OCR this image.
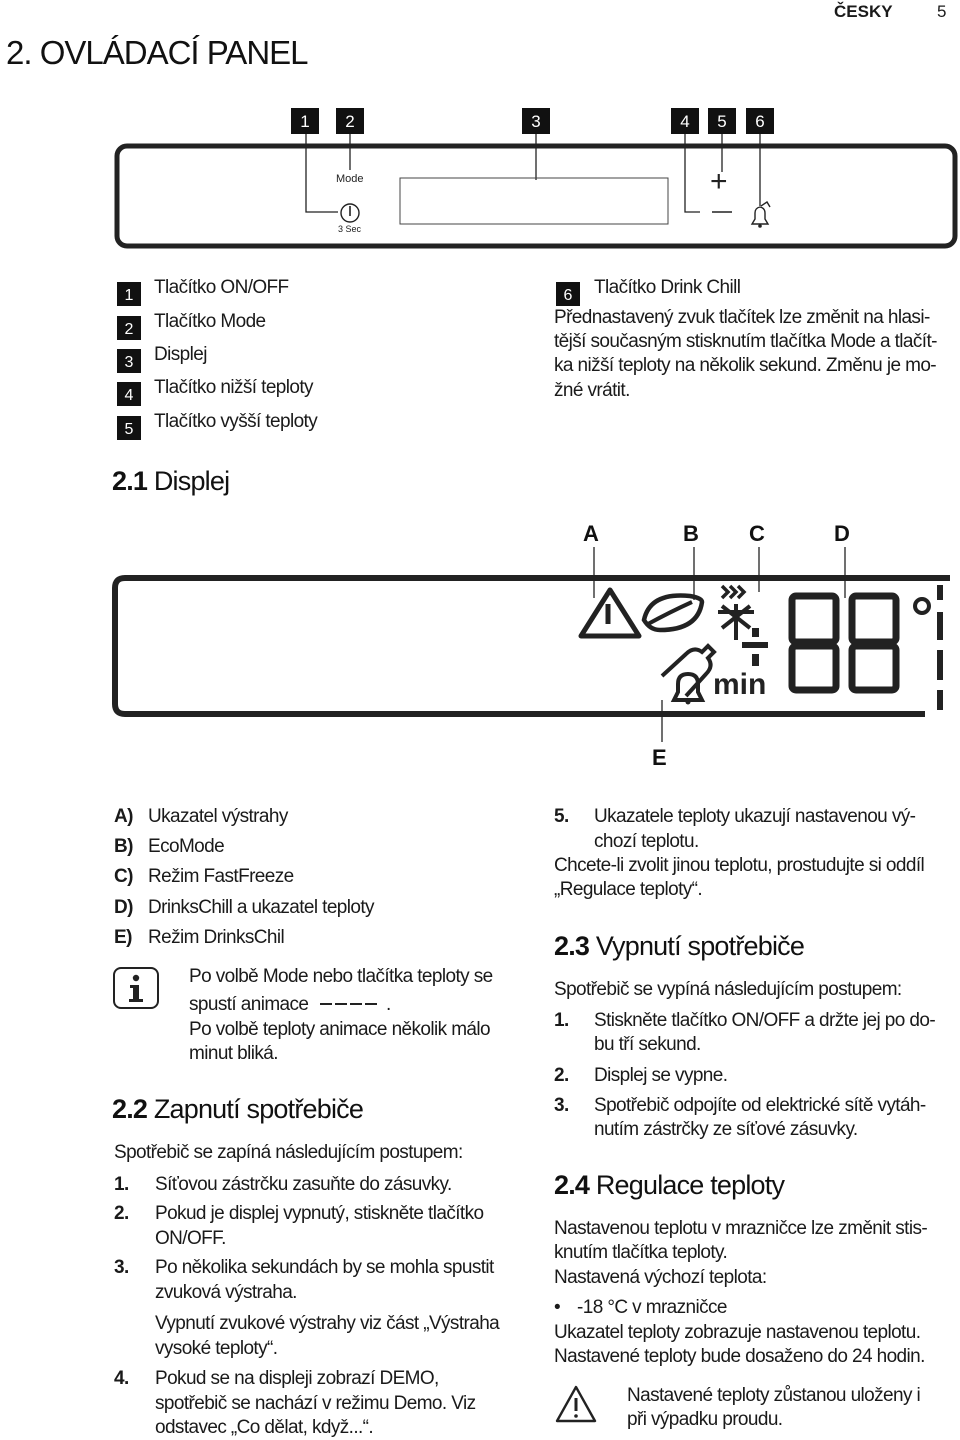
ČESKY	5
2. OVLÁDACÍ PANEL
1	2	3	4	5	6
Mode
3 Sec
+
1	Tlačítko ON/OFF
2	Tlačítko Mode
3	Displej
4	Tlačítko nižší teploty
5	Tlačítko vyšší teploty
6	Tlačítko Drink Chill
Přednastavený zvuk tlačítek lze změnit na hlasi-
tější současným stisknutím tlačítka Mode a tlačít-
ka nižší teploty na několik sekund. Změnu je mo-
žné vrátit.
2.1 Displej
A	B C	D
E
min
A) Ukazatel výstrahy
B) EcoMode
C) Režim FastFreeze
D) DrinksChill a ukazatel teploty
E) Režim DrinksChil
Po volbě Mode nebo tlačítka teploty se
spustí animace	.
Po volbě teploty animace několik málo
minut bliká.
2.2 Zapnutí spotřebiče
Spotřebič se zapíná následujícím postupem:
1. Síťovou zástrčku zasuňte do zásuvky.
2. Pokud je displej vypnutý, stiskněte tlačítko
ON/OFF.
3. Po několika sekundách by se mohla spustit
zvuková výstraha.
Vypnutí zvukové výstrahy viz část „Výstraha
vysoké teploty“.
4. Pokud se na displeji zobrazí DEMO,
spotřebič se nachází v režimu Demo. Viz
odstavec „Co dělat, když...“.
5. Ukazatele teploty ukazují nastavenou vý-
chozí teplotu.
Chcete-li zvolit jinou teplotu, prostudujte si oddíl
„Regulace teploty“.
2.3 Vypnutí spotřebiče
Spotřebič se vypíná následujícím postupem:
1. Stiskněte tlačítko ON/OFF a držte jej po do-
bu tří sekund.
2. Displej se vypne.
3. Spotřebič odpojíte od elektrické sítě vytáh-
nutím zástrčky ze síťové zásuvky.
2.4 Regulace teploty
Nastavenou teplotu v mrazničce lze změnit stis-
knutím tlačítka teploty.
Nastavená výchozí teplota:
• -18 °C v mrazničce
Ukazatel teploty zobrazuje nastavenou teplotu.
Nastavené teploty bude dosaženo do 24 hodin.
Nastavené teploty zůstanou uloženy i
při výpadku proudu.
